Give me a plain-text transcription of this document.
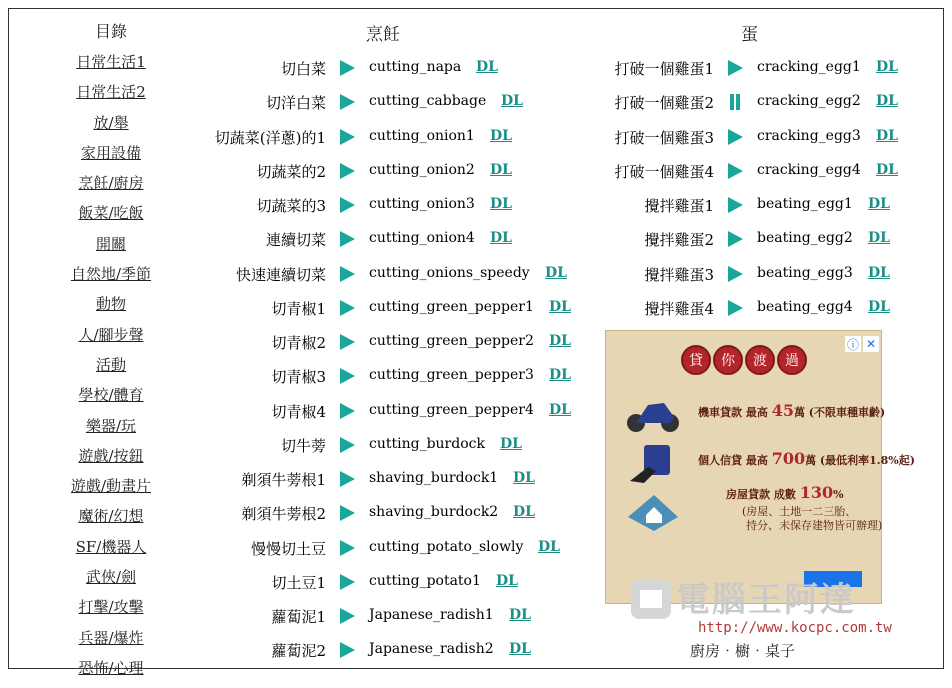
目錄
日常生活1
日常生活2
放/舉
家用設備
烹飪/廚房
飯菜/吃飯
開關
自然地/季節
動物
人/腳步聲
活動
學校/體育
樂器/玩
遊戲/按鈕
遊戲/動畫片
魔術/幻想
SF/機器人
武俠/劍
打擊/攻擊
兵器/爆炸
恐怖/心理
烹飪	蛋
切白菜	cutting_napa DL
切洋白菜	cutting_cabbage DL
切蔬菜(洋蔥)的1	cutting_onion1 DL
切蔬菜的2	cutting_onion2 DL
切蔬菜的3	cutting_onion3 DL
連續切菜	cutting_onion4 DL
快速連續切菜	cutting_onions_speedy DL
切青椒1	cutting_green_pepper1 DL
切青椒2	cutting_green_pepper2 DL
切青椒3	cutting_green_pepper3 DL
切青椒4	cutting_green_pepper4 DL
切牛蒡	cutting_burdock DL
剃須牛蒡根1	shaving_burdock1 DL
剃須牛蒡根2	shaving_burdock2 DL
慢慢切土豆	cutting_potato_slowly DL
切土豆1	cutting_potato1 DL
蘿蔔泥1	Japanese_radish1 DL
蘿蔔泥2	Japanese_radish2 DL
打破一個雞蛋1	cracking_egg1 DL
打破一個雞蛋2	cracking_egg2 DL
打破一個雞蛋3	cracking_egg3 DL
打破一個雞蛋4	cracking_egg4 DL
攪拌雞蛋1	beating_egg1 DL
攪拌雞蛋2	beating_egg2 DL
攪拌雞蛋3	beating_egg3 DL
攪拌雞蛋4	beating_egg4 DL
貸	你	渡	過
機車貸款 最高 45萬 (不限車種車齡)
個人信貸 最高 700萬 (最低利率1.8%起)
房屋貸款 成數 130%
(房屋、土地一二三胎、
持分、未保存建物皆可辦理)
ⓘ ✕
電腦王阿達
http://www.kocpc.com.tw
廚房‧櫥‧桌子
